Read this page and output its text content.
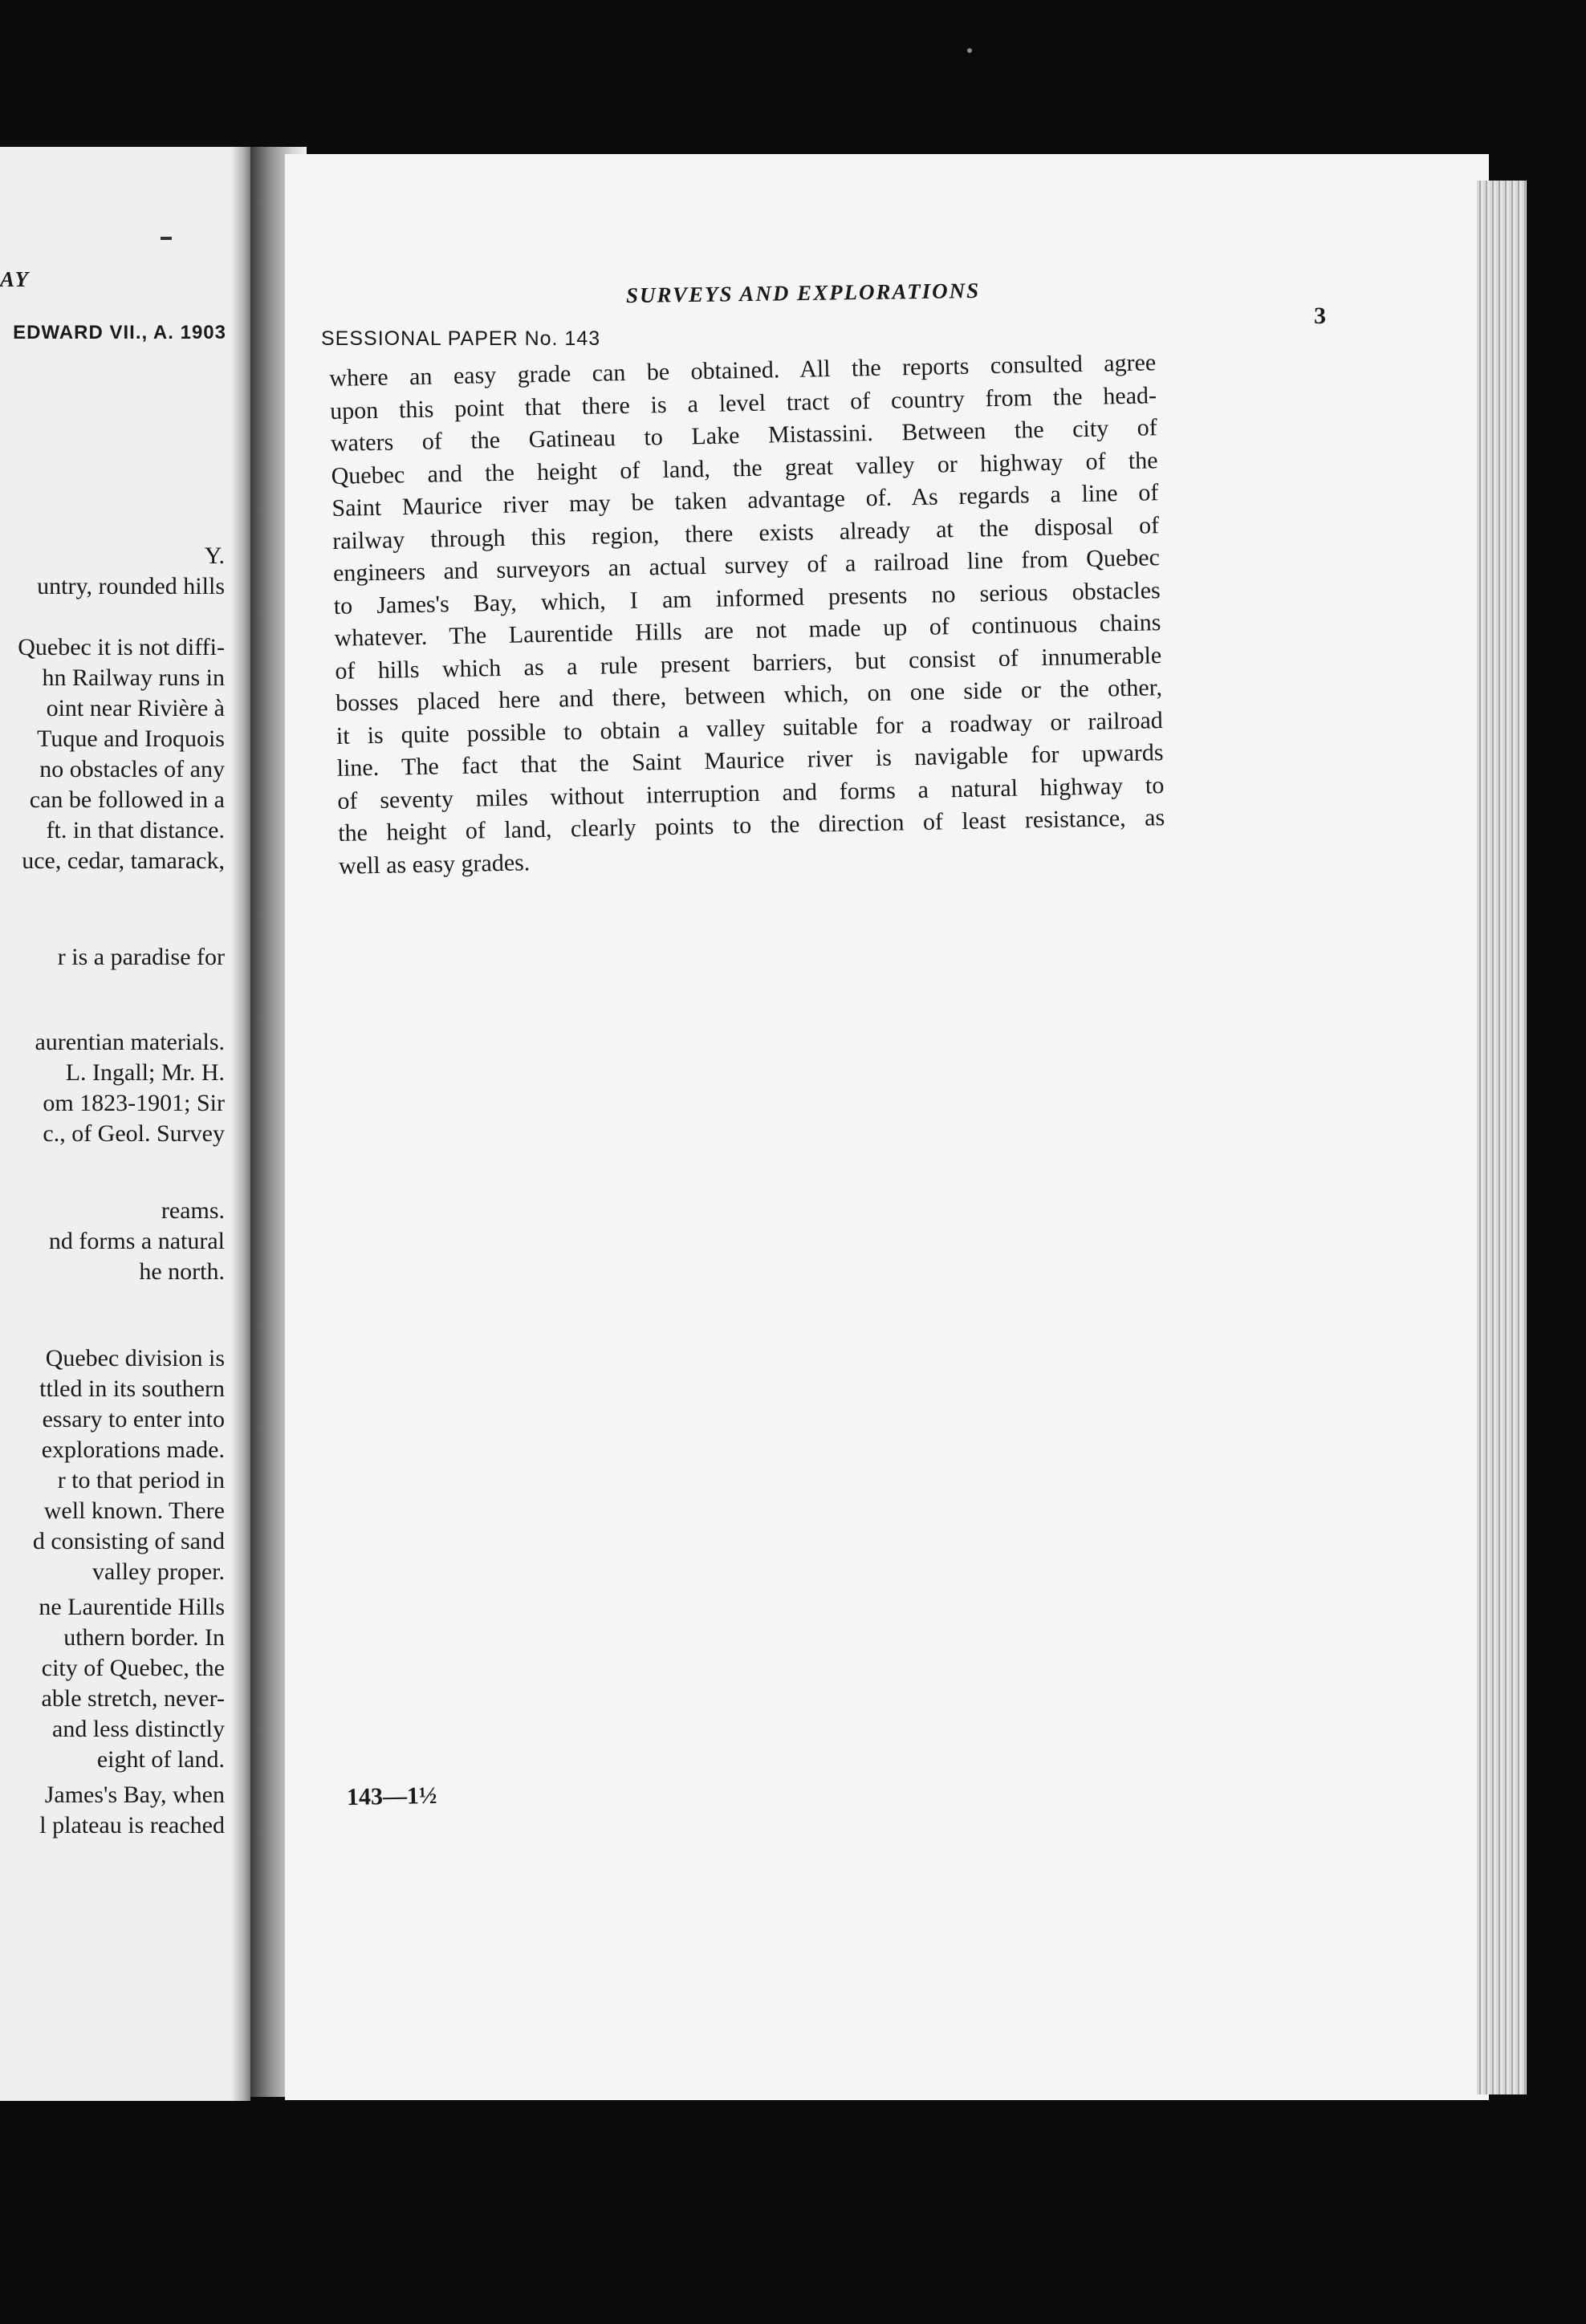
AY
EDWARD VII., A. 1903
Y.
untry, rounded hills
Quebec it is not diffi-
hn Railway runs in
oint near Rivière à
Tuque and Iroquois
no obstacles of any
can be followed in a
ft. in that distance.
uce, cedar, tamarack,
r is a paradise for
aurentian materials.
L. Ingall; Mr. H.
om 1823-1901; Sir
c., of Geol. Survey
reams.
nd forms a natural
he north.
Quebec division is
ttled in its southern
essary to enter into
explorations made.
r to that period in
well known. There
d consisting of sand
valley proper.
ne Laurentide Hills
uthern border. In
city of Quebec, the
able stretch, never-
and less distinctly
eight of land.
James's Bay, when
l plateau is reached
SURVEYS AND EXPLORATIONS
3
SESSIONAL PAPER No. 143
where an easy grade can be obtained. All the reports consulted agree
upon this point that there is a level tract of country from the head-
waters of the Gatineau to Lake Mistassini. Between the city of
Quebec and the height of land, the great valley or highway of the
Saint Maurice river may be taken advantage of. As regards a line of
railway through this region, there exists already at the disposal of
engineers and surveyors an actual survey of a railroad line from Quebec
to James's Bay, which, I am informed presents no serious obstacles
whatever. The Laurentide Hills are not made up of continuous chains
of hills which as a rule present barriers, but consist of innumerable
bosses placed here and there, between which, on one side or the other,
it is quite possible to obtain a valley suitable for a roadway or railroad
line. The fact that the Saint Maurice river is navigable for upwards
of seventy miles without interruption and forms a natural highway to
the height of land, clearly points to the direction of least resistance, as
well as easy grades.
143—1½
